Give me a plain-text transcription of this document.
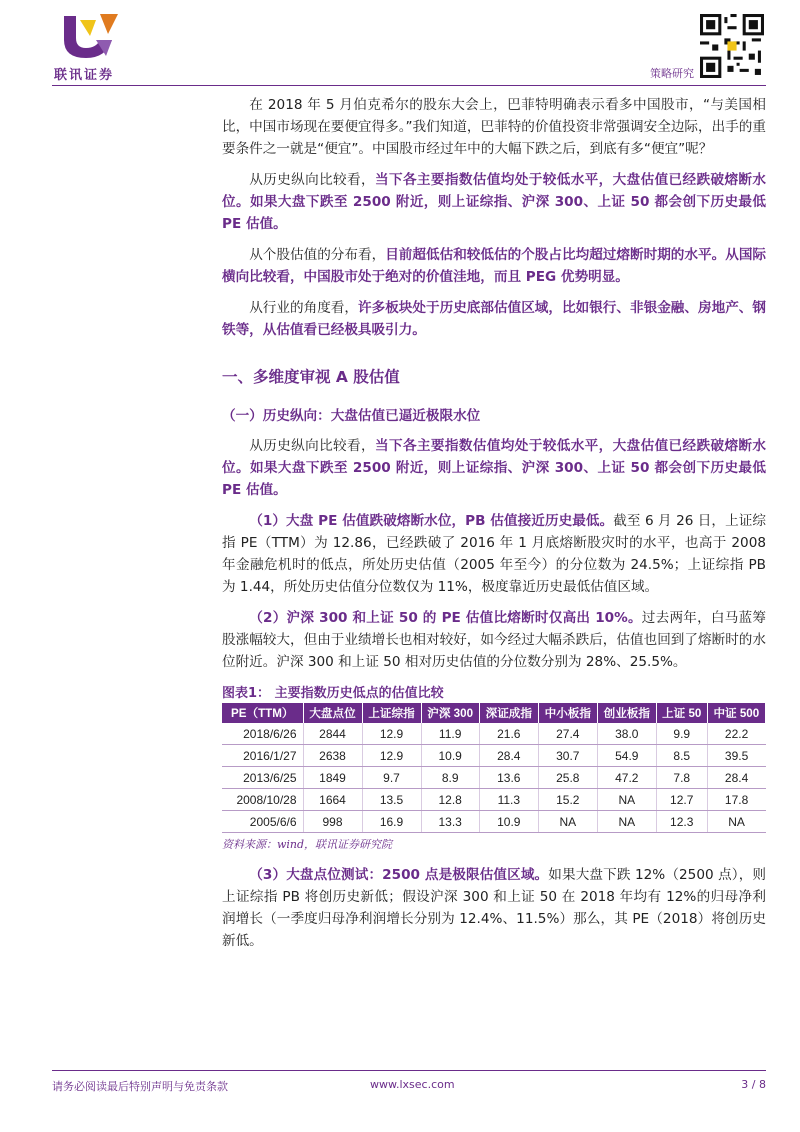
联讯证券	策略研究

在 2018 年 5 月伯克希尔的股东大会上，巴菲特明确表示看多中国股市，“与美国相比，中国市场现在要便宜得多。”我们知道，巴菲特的价值投资非常强调安全边际，出手的重要条件之一就是“便宜”。中国股市经过年中的大幅下跌之后，到底有多“便宜”呢？

从历史纵向比较看，当下各主要指数估值均处于较低水平，大盘估值已经跌破熔断水位。如果大盘下跌至 2500 附近，则上证综指、沪深 300、上证 50 都会创下历史最低 PE 估值。

从个股估值的分布看，目前超低估和较低估的个股占比均超过熔断时期的水平。从国际横向比较看，中国股市处于绝对的价值洼地，而且 PEG 优势明显。

从行业的角度看，许多板块处于历史底部估值区域，比如银行、非银金融、房地产、钢铁等，从估值看已经极具吸引力。

一、多维度审视 A 股估值
（一）历史纵向：大盘估值已逼近极限水位

从历史纵向比较看，当下各主要指数估值均处于较低水平，大盘估值已经跌破熔断水位。如果大盘下跌至 2500 附近，则上证综指、沪深 300、上证 50 都会创下历史最低 PE 估值。

（1）大盘 PE 估值跌破熔断水位，PB 估值接近历史最低。截至 6 月 26 日，上证综指 PE（TTM）为 12.86，已经跌破了 2016 年 1 月底熔断股灾时的水平，也高于 2008 年金融危机时的低点，所处历史估值（2005 年至今）的分位数为 24.5%；上证综指 PB 为 1.44，所处历史估值分位数仅为 11%，极度靠近历史最低估值区域。

（2）沪深 300 和上证 50 的 PE 估值比熔断时仅高出 10%。过去两年，白马蓝筹股涨幅较大，但由于业绩增长也相对较好，如今经过大幅杀跌后，估值也回到了熔断时的水位附近。沪深 300 和上证 50 相对历史估值的分位数分别为 28%、25.5%。

图表1： 主要指数历史低点的估值比较
PE（TTM）	大盘点位	上证综指	沪深 300	深证成指	中小板指	创业板指	上证 50	中证 500
2018/6/26	2844	12.9	11.9	21.6	27.4	38.0	9.9	22.2
2016/1/27	2638	12.9	10.9	28.4	30.7	54.9	8.5	39.5
2013/6/25	1849	9.7	8.9	13.6	25.8	47.2	7.8	28.4
2008/10/28	1664	13.5	12.8	11.3	15.2	NA	12.7	17.8
2005/6/6	998	16.9	13.3	10.9	NA	NA	12.3	NA
资料来源：wind，联讯证券研究院

（3）大盘点位测试：2500 点是极限估值区域。如果大盘下跌 12%（2500 点），则上证综指 PB 将创历史新低；假设沪深 300 和上证 50 在 2018 年均有 12%的归母净利润增长（一季度归母净利润增长分别为 12.4%、11.5%）那么，其 PE（2018）将创历史新低。

请务必阅读最后特别声明与免责条款	www.lxsec.com	3 / 8
